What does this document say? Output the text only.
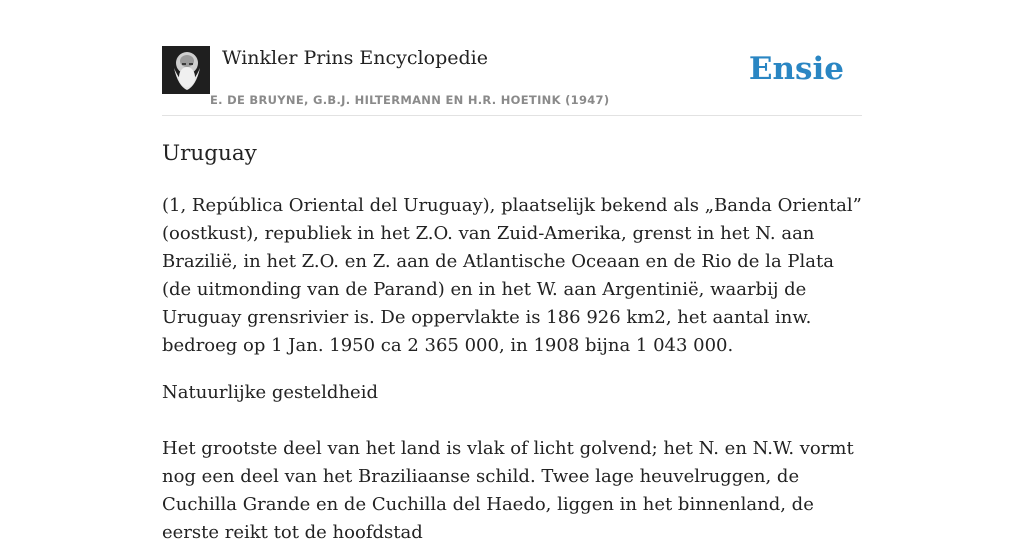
Winkler Prins Encyclopedie
E. DE BRUYNE, G.B.J. HILTERMANN EN H.R. HOETINK (1947)
Ensie
Uruguay

(1, República Oriental del Uruguay), plaatselijk bekend als „Banda Oriental” (oostkust), republiek in het Z.O. van Zuid-Amerika, grenst in het N. aan Brazilië, in het Z.O. en Z. aan de Atlantische Oceaan en de Rio de la Plata (de uitmonding van de Parand) en in het W. aan Argentinië, waarbij de Uruguay grensrivier is. De oppervlakte is 186 926 km2, het aantal inw. bedroeg op 1 Jan. 1950 ca 2 365 000, in 1908 bijna 1 043 000.

Natuurlijke gesteldheid

Het grootste deel van het land is vlak of licht golvend; het N. en N.W. vormt nog een deel van het Braziliaanse schild. Twee lage heuvelruggen, de Cuchilla Grande en de Cuchilla del Haedo, liggen in het binnenland, de eerste reikt tot de hoofdstad
